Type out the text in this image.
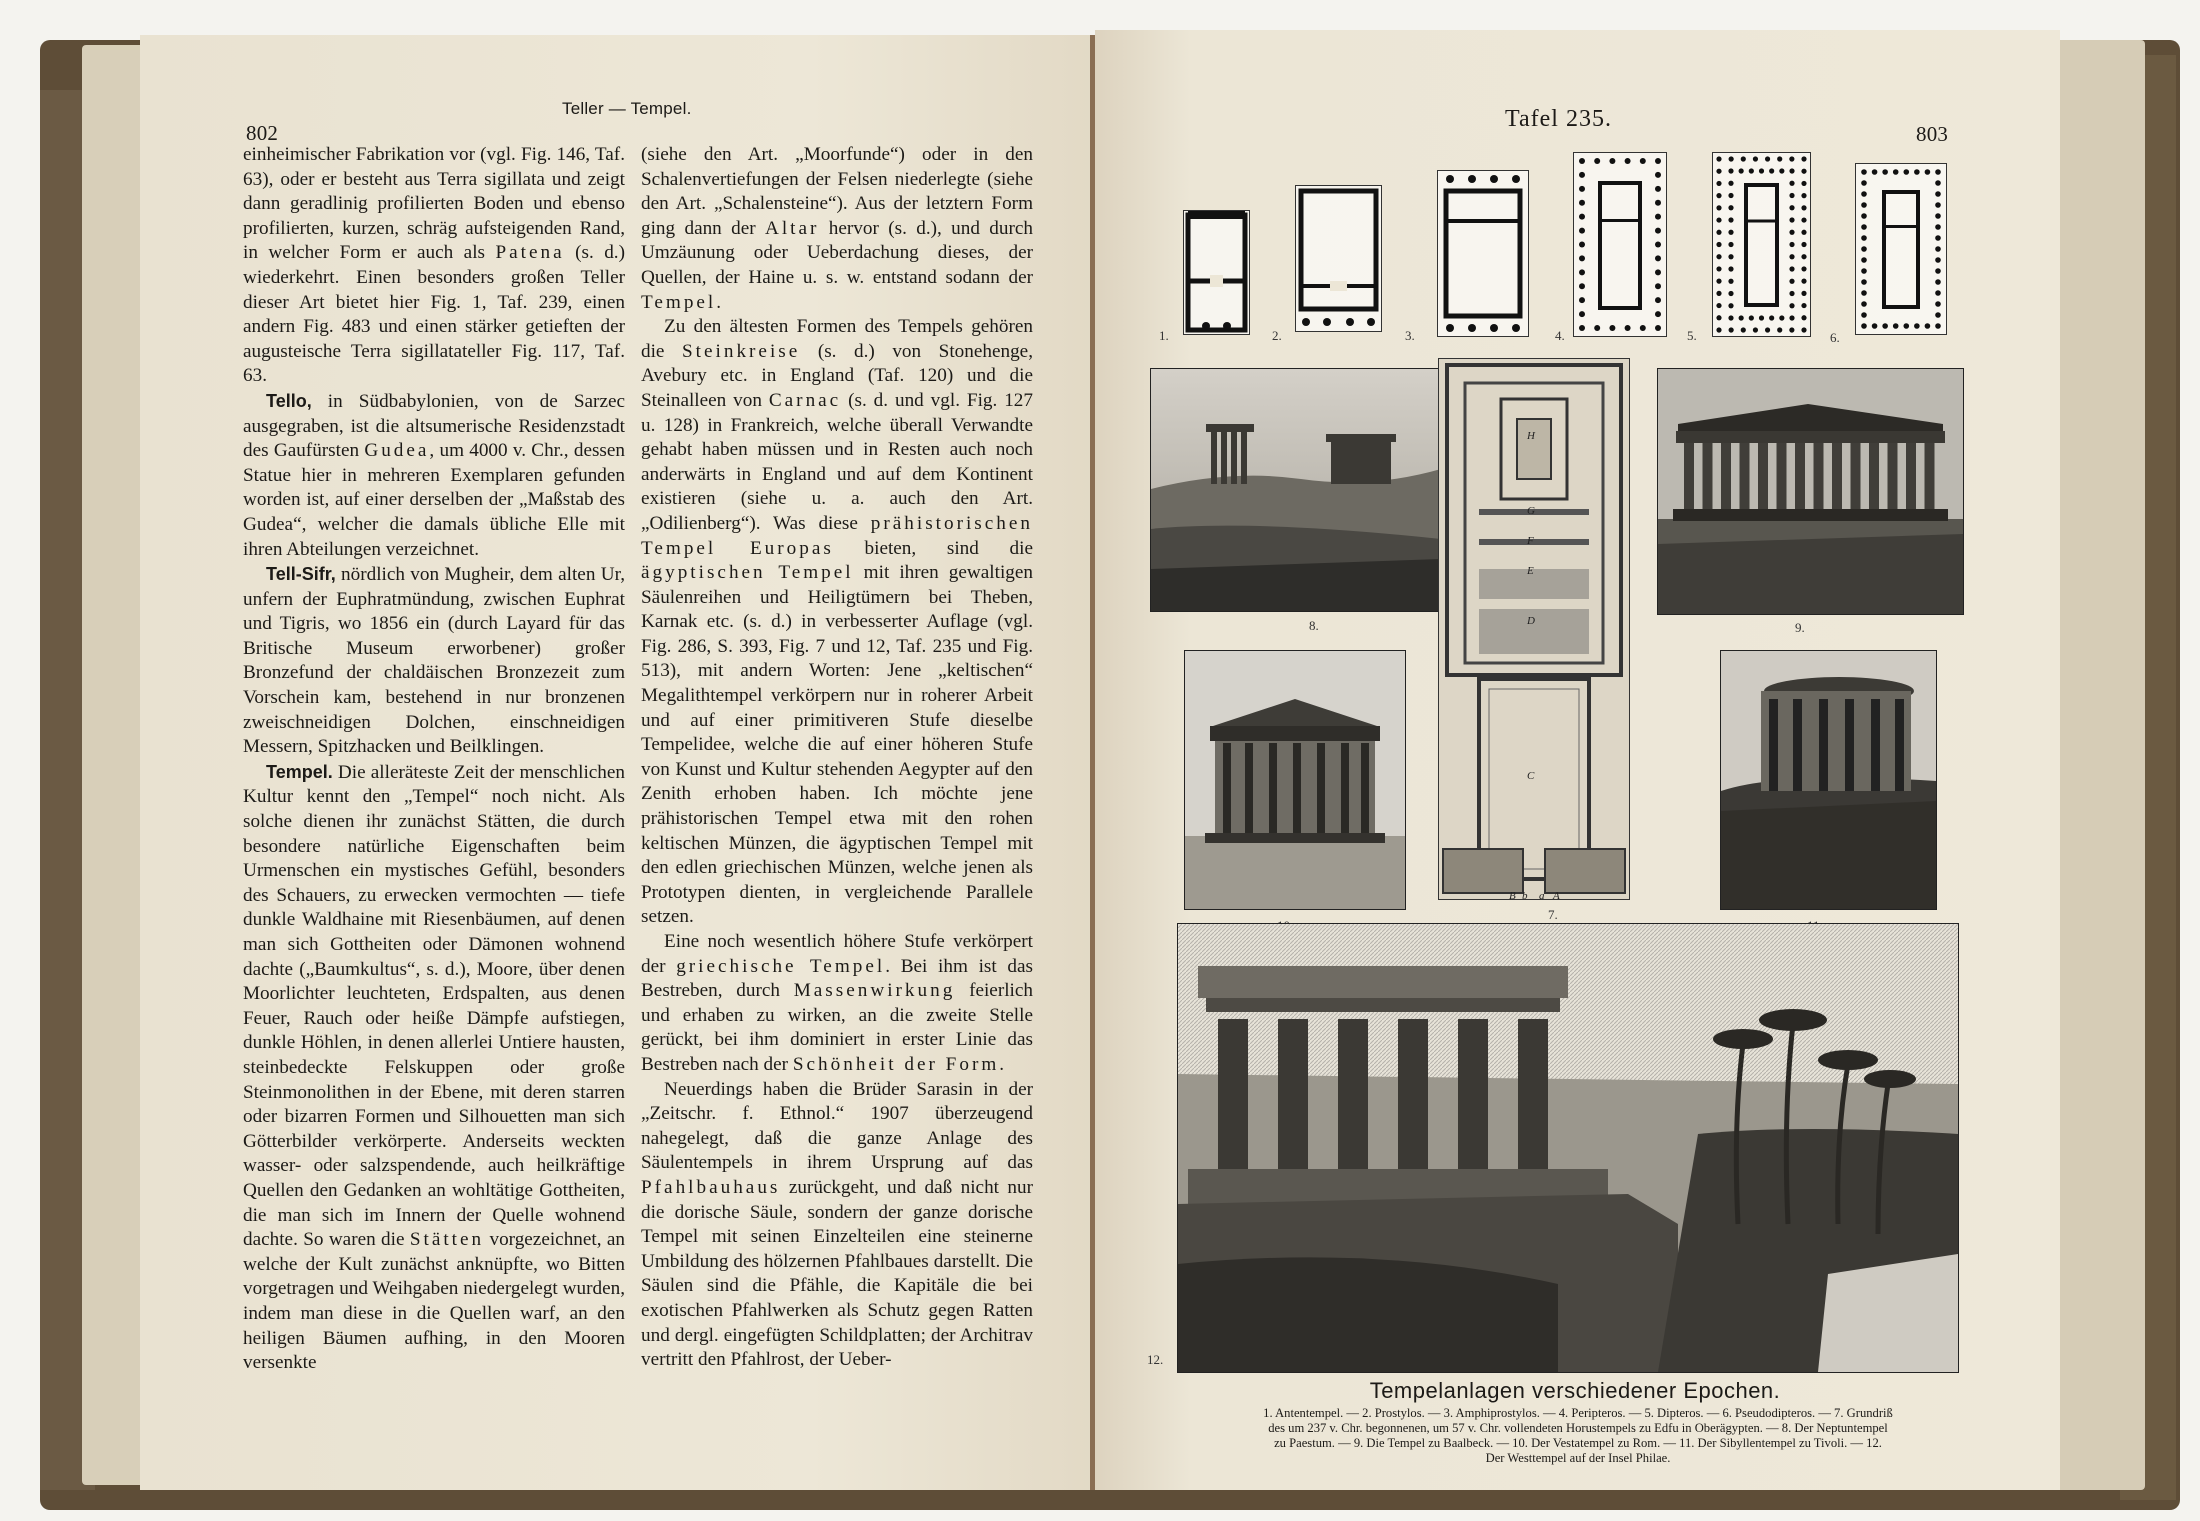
802
Teller — Tempel.

einheimischer Fabrikation vor (vgl. Fig. 146, Taf. 63), oder er besteht aus Terra sigillata und zeigt dann geradlinig profilierten Boden und ebenso profilierten, kurzen, schräg aufsteigenden Rand, in welcher Form er auch als Patena (s. d.) wiederkehrt. Einen besonders großen Teller dieser Art bietet hier Fig. 1, Taf. 239, einen andern Fig. 483 und einen stärker getieften der augusteische Terra sigillatateller Fig. 117, Taf. 63.

Tello, in Südbabylonien, von de Sarzec ausgegraben, ist die altsumerische Residenzstadt des Gaufürsten Gudea, um 4000 v. Chr., dessen Statue hier in mehreren Exemplaren gefunden worden ist, auf einer derselben der „Maßstab des Gudea“, welcher die damals übliche Elle mit ihren Abteilungen verzeichnet.

Tell-Sifr, nördlich von Mugheir, dem alten Ur, unfern der Euphratmündung, zwischen Euphrat und Tigris, wo 1856 ein (durch Layard für das Britische Museum erworbener) großer Bronzefund der chaldäischen Bronzezeit zum Vorschein kam, bestehend in nur bronzenen zweischneidigen Dolchen, einschneidigen Messern, Spitzhacken und Beilklingen.

Tempel. Die alleräteste Zeit der menschlichen Kultur kennt den „Tempel“ noch nicht. Als solche dienen ihr zunächst Stätten, die durch besondere natürliche Eigenschaften beim Urmenschen ein mystisches Gefühl, besonders des Schauers, zu erwecken vermochten — tiefe dunkle Waldhaine mit Riesenbäumen, auf denen man sich Gottheiten oder Dämonen wohnend dachte („Baumkultus“, s. d.), Moore, über denen Moorlichter leuchteten, Erdspalten, aus denen Feuer, Rauch oder heiße Dämpfe aufstiegen, dunkle Höhlen, in denen allerlei Untiere hausten, steinbedeckte Felskuppen oder große Steinmonolithen in der Ebene, mit deren starren oder bizarren Formen und Silhouetten man sich Götterbilder verkörperte. Anderseits weckten wasser- oder salzspendende, auch heilkräftige Quellen den Gedanken an wohltätige Gottheiten, die man sich im Innern der Quelle wohnend dachte. So waren die Stätten vorgezeichnet, an welche der Kult zunächst anknüpfte, wo Bitten vorgetragen und Weihgaben niedergelegt wurden, indem man diese in die Quellen warf, an den heiligen Bäumen aufhing, in den Mooren versenkte

(siehe den Art. „Moorfunde“) oder in den Schalenvertiefungen der Felsen niederlegte (siehe den Art. „Schalensteine“). Aus der letztern Form ging dann der Altar hervor (s. d.), und durch Umzäunung oder Ueberdachung dieses, der Quellen, der Haine u. s. w. entstand sodann der Tempel.

Zu den ältesten Formen des Tempels gehören die Steinkreise (s. d.) von Stonehenge, Avebury etc. in England (Taf. 120) und die Steinalleen von Carnac (s. d. und vgl. Fig. 127 u. 128) in Frankreich, welche überall Verwandte gehabt haben müssen und in Resten auch noch anderwärts in England und auf dem Kontinent existieren (siehe u. a. auch den Art. „Odilienberg“). Was diese prähistorischen Tempel Europas bieten, sind die ägyptischen Tempel mit ihren gewaltigen Säulenreihen und Heiligtümern bei Theben, Karnak etc. (s. d.) in verbesserter Auflage (vgl. Fig. 286, S. 393, Fig. 7 und 12, Taf. 235 und Fig. 513), mit andern Worten: Jene „keltischen“ Megalithtempel verkörpern nur in roherer Arbeit und auf einer primitiveren Stufe dieselbe Tempelidee, welche die auf einer höheren Stufe von Kunst und Kultur stehenden Aegypter auf den Zenith erhoben haben. Ich möchte jene prähistorischen Tempel etwa mit den rohen keltischen Münzen, die ägyptischen Tempel mit den edlen griechischen Münzen, welche jenen als Prototypen dienten, in vergleichende Parallele setzen.

Eine noch wesentlich höhere Stufe verkörpert der griechische Tempel. Bei ihm ist das Bestreben, durch Massenwirkung feierlich und erhaben zu wirken, an die zweite Stelle gerückt, bei ihm dominiert in erster Linie das Bestreben nach der Schönheit der Form.

Neuerdings haben die Brüder Sarasin in der „Zeitschr. f. Ethnol.“ 1907 überzeugend nahegelegt, daß die ganze Anlage des Säulentempels in ihrem Ursprung auf das Pfahlbauhaus zurückgeht, und daß nicht nur die dorische Säule, sondern der ganze dorische Tempel mit seinen Einzelteilen eine steinerne Umbildung des hölzernen Pfahlbaues darstellt. Die Säulen sind die Pfähle, die Kapitäle die bei exotischen Pfahlwerken als Schutz gegen Ratten und dergl. eingefügten Schildplatten; der Architrav vertritt den Pfahlrost, der Ueber-

Tafel 235.
803
1.	2.	3.	4.	5.	6.
8.
H
G
F
E
D
C
B b a A
7.
9.
12.
Tempelanlagen verschiedener Epochen.
1. Antentempel. — 2. Prostylos. — 3. Amphiprostylos. — 4. Peripteros. — 5. Dipteros. — 6. Pseudodipteros. — 7. Grundriß
des um 237 v. Chr. begonnenen, um 57 v. Chr. vollendeten Horustempels zu Edfu in Oberägypten. — 8. Der Neptuntempel
zu Paestum. — 9. Die Tempel zu Baalbeck. — 10. Der Vestatempel zu Rom. — 11. Der Sibyllentempel zu Tivoli. — 12.
Der Westtempel auf der Insel Philae.
